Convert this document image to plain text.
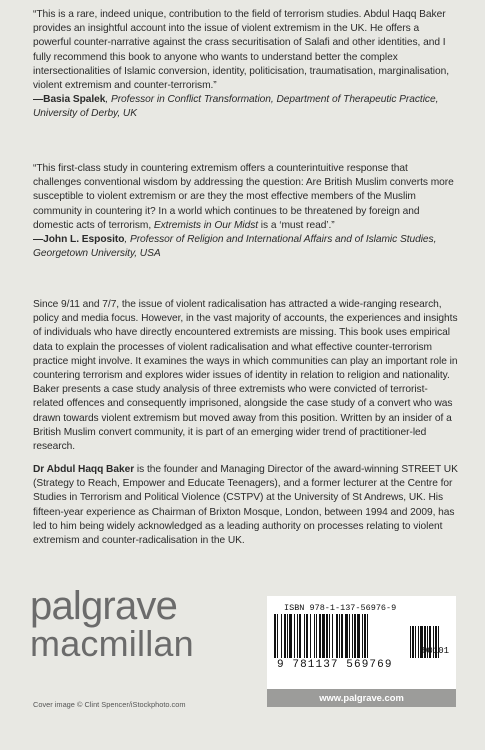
“This is a rare, indeed unique, contribution to the field of terrorism studies. Abdul Haqq Baker provides an insightful account into the issue of violent extremism in the UK. He offers a powerful counter-narrative against the crass securitisation of Salafi and other identities, and I fully recommend this book to anyone who wants to understand better the complex intersectionalities of Islamic conversion, identity, politicisation, traumatisation, marginalisation, violent extremism and counter-terrorism.”
—Basia Spalek, Professor in Conflict Transformation, Department of Therapeutic Practice, University of Derby, UK
“This first-class study in countering extremism offers a counterintuitive response that challenges conventional wisdom by addressing the question: Are British Muslim converts more susceptible to violent extremism or are they the most effective members of the Muslim community in countering it? In a world which continues to be threatened by foreign and domestic acts of terrorism, Extremists in Our Midst is a ‘must read’.”
—John L. Esposito, Professor of Religion and International Affairs and of Islamic Studies, Georgetown University, USA
Since 9/11 and 7/7, the issue of violent radicalisation has attracted a wide-ranging research, policy and media focus. However, in the vast majority of accounts, the experiences and insights of individuals who have directly encountered extremists are missing. This book uses empirical data to explain the processes of violent radicalisation and what effective counter-terrorism practice might involve. It examines the ways in which communities can play an important role in countering terrorism and explores wider issues of identity in relation to religion and nationality. Baker presents a case study analysis of three extremists who were convicted of terrorist-related offences and consequently imprisoned, alongside the case study of a convert who was drawn towards violent extremism but moved away from this position. Written by an insider of a British Muslim convert community, it is part of an emerging wider trend of practitioner-led research.
Dr Abdul Haqq Baker is the founder and Managing Director of the award-winning STREET UK (Strategy to Reach, Empower and Educate Teenagers), and a former lecturer at the Centre for Studies in Terrorism and Political Violence (CSTPV) at the University of St Andrews, UK. His fifteen-year experience as Chairman of Brixton Mosque, London, between 1994 and 2009, has led to him being widely acknowledged as a leading authority on processes relating to violent extremism and counter-radicalisation in the UK.
palgrave
macmillan
Cover image © Clint Spencer/iStockphoto.com
ISBN 978-1-137-56976-9
90101
9 781137 569769
www.palgrave.com
